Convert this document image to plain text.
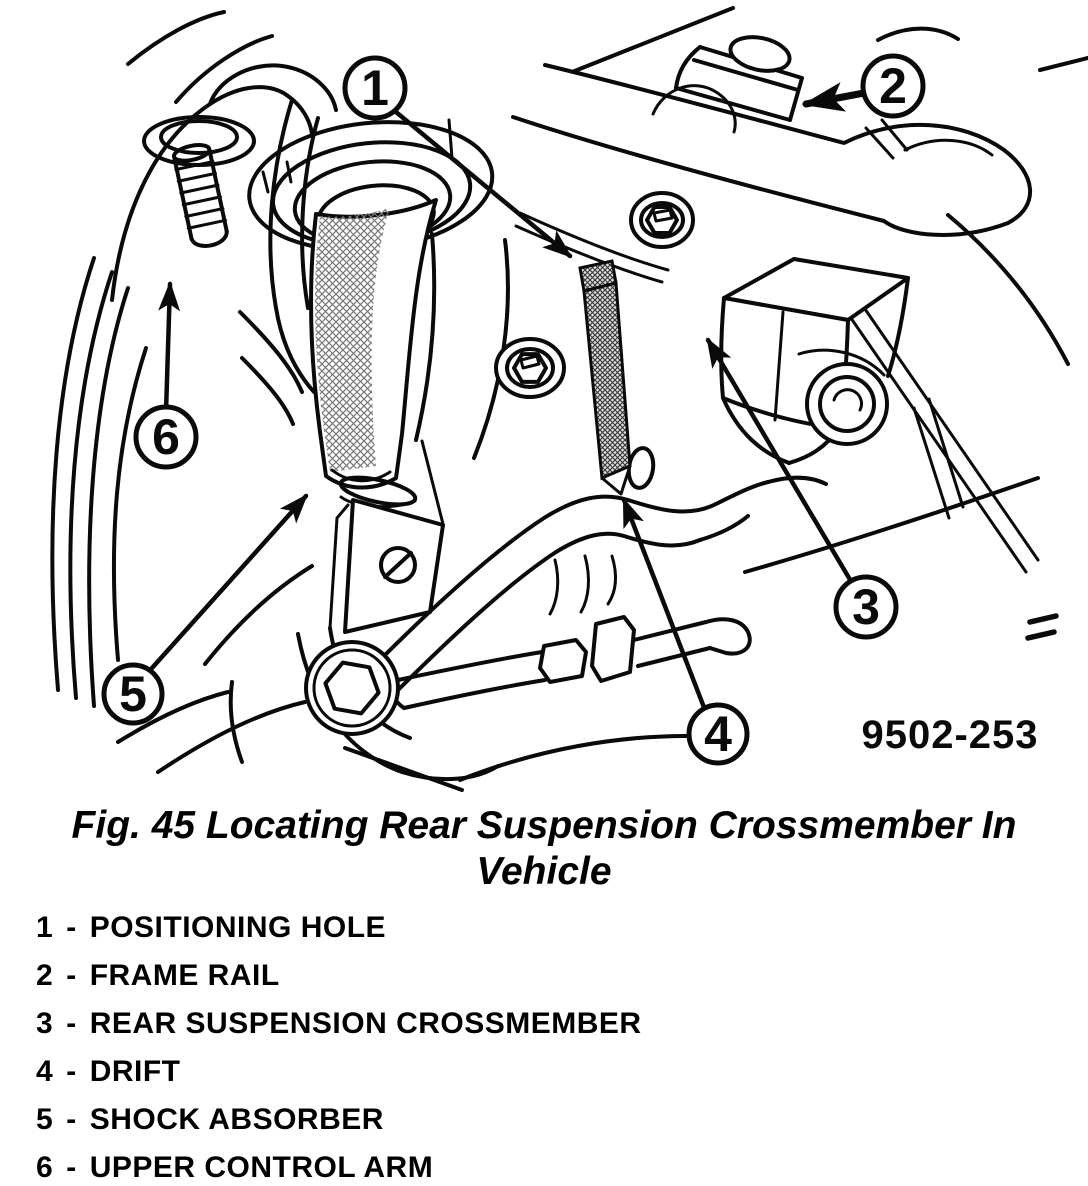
9502-253
1	2
3
4
5
6
Fig. 45 Locating Rear Suspension Crossmember In Vehicle
1 - POSITIONING HOLE
2 - FRAME RAIL
3 - REAR SUSPENSION CROSSMEMBER
4 - DRIFT
5 - SHOCK ABSORBER
6 - UPPER CONTROL ARM
